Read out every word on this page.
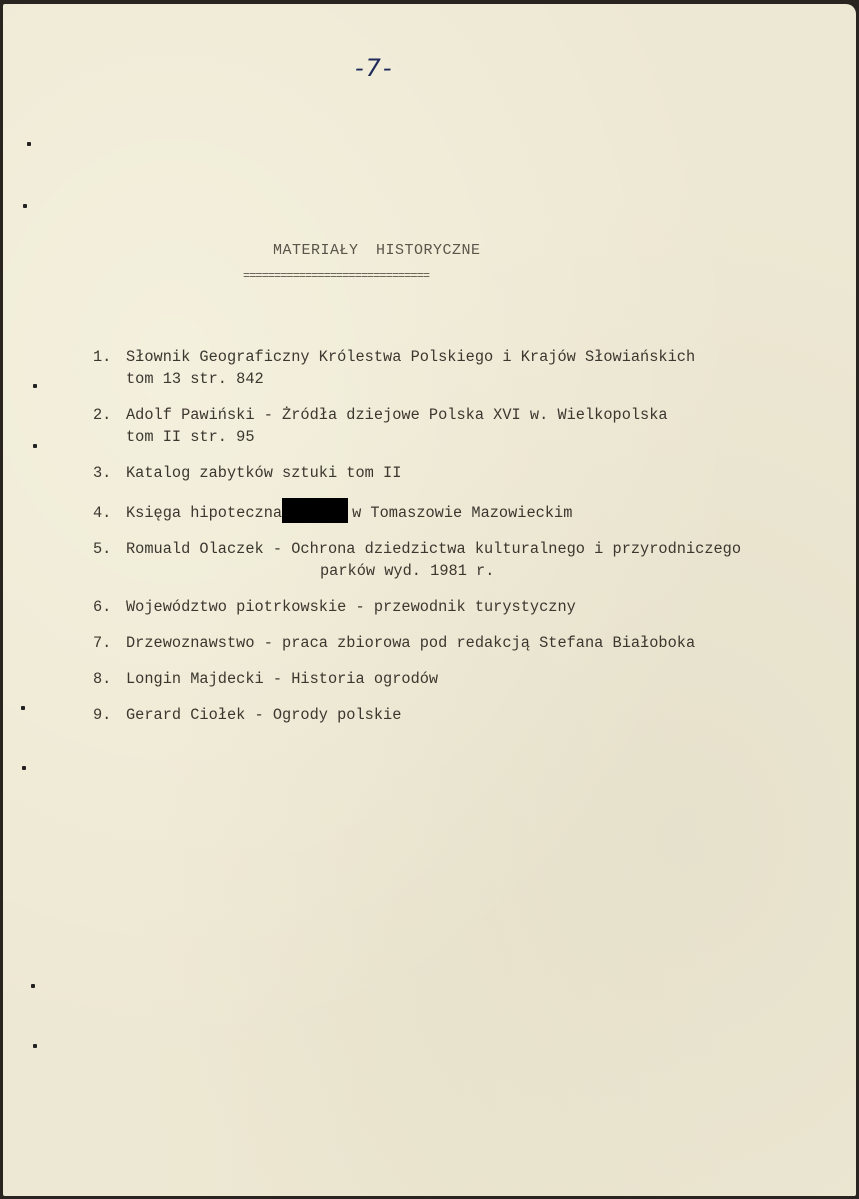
-7-
MATERIAŁY HISTORYCZNE
==============================
1. Słownik Geograficzny Królestwa Polskiego i Krajów Słowiańskich
tom 13 str. 842
2. Adolf Pawiński - Żródła dziejowe Polska XVI w. Wielkopolska
tom II str. 95
3. Katalog zabytków sztuki tom II
4. Księga hipoteczna	w Tomaszowie Mazowieckim
5. Romuald Olaczek - Ochrona dziedzictwa kulturalnego i przyrodniczego
parków wyd. 1981 r.
6. Województwo piotrkowskie - przewodnik turystyczny
7. Drzewoznawstwo - praca zbiorowa pod redakcją Stefana Białoboka
8. Longin Majdecki - Historia ogrodów
9. Gerard Ciołek - Ogrody polskie
